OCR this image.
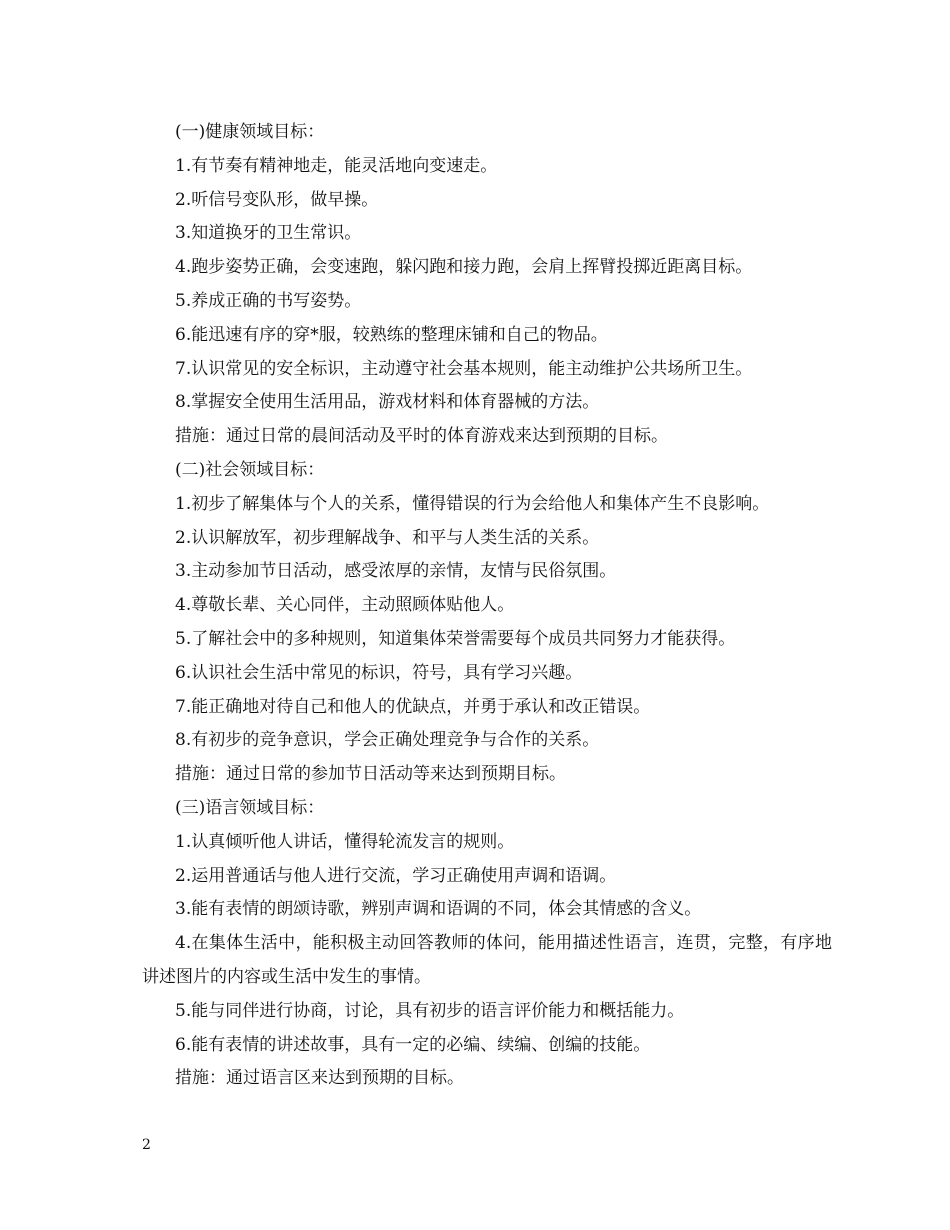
(一)健康领域目标：

1.有节奏有精神地走，能灵活地向变速走。

2.听信号变队形，做早操。

3.知道换牙的卫生常识。

4.跑步姿势正确，会变速跑，躲闪跑和接力跑，会肩上挥臂投掷近距离目标。

5.养成正确的书写姿势。

6.能迅速有序的穿*服，较熟练的整理床铺和自己的物品。

7.认识常见的安全标识，主动遵守社会基本规则，能主动维护公共场所卫生。

8.掌握安全使用生活用品，游戏材料和体育器械的方法。

措施：通过日常的晨间活动及平时的体育游戏来达到预期的目标。

(二)社会领域目标：

1.初步了解集体与个人的关系，懂得错误的行为会给他人和集体产生不良影响。

2.认识解放军，初步理解战争、和平与人类生活的关系。

3.主动参加节日活动，感受浓厚的亲情，友情与民俗氛围。

4.尊敬长辈、关心同伴，主动照顾体贴他人。

5.了解社会中的多种规则，知道集体荣誉需要每个成员共同努力才能获得。

6.认识社会生活中常见的标识，符号，具有学习兴趣。

7.能正确地对待自己和他人的优缺点，并勇于承认和改正错误。

8.有初步的竞争意识，学会正确处理竞争与合作的关系。

措施：通过日常的参加节日活动等来达到预期目标。

(三)语言领域目标：

1.认真倾听他人讲话，懂得轮流发言的规则。

2.运用普通话与他人进行交流，学习正确使用声调和语调。

3.能有表情的朗颂诗歌，辨别声调和语调的不同，体会其情感的含义。

4.在集体生活中，能积极主动回答教师的体问，能用描述性语言，连贯，完整，有序地讲述图片的内容或生活中发生的事情。

5.能与同伴进行协商，讨论，具有初步的语言评价能力和概括能力。

6.能有表情的讲述故事，具有一定的必编、续编、创编的技能。

措施：通过语言区来达到预期的目标。

2
